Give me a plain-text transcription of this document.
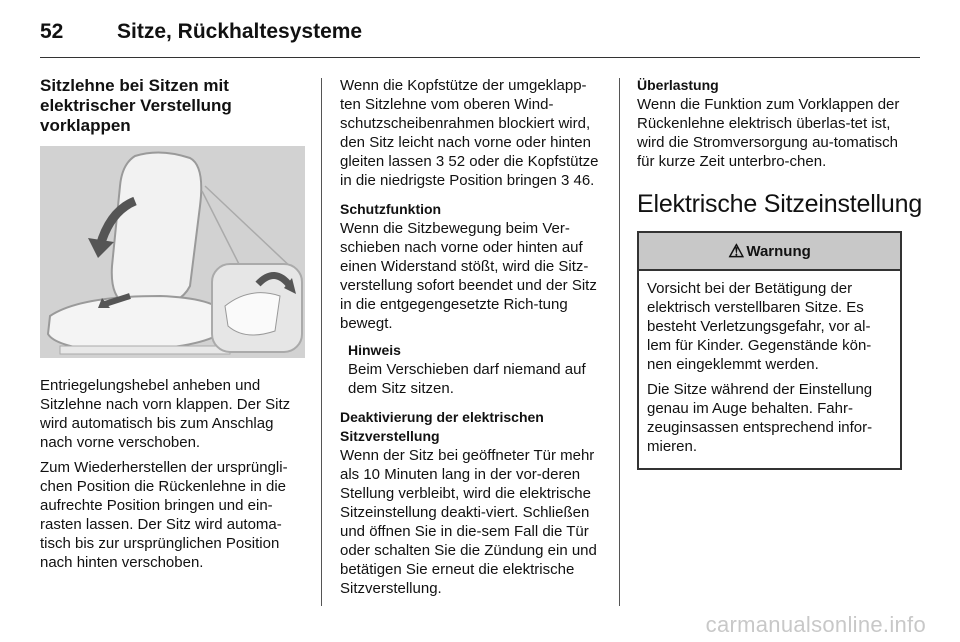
52	Sitze, Rückhaltesysteme
Sitzlehne bei Sitzen mit elektrischer Verstellung vorklappen

Entriegelungshebel anheben und Sitzlehne nach vorn klappen. Der Sitz wird automatisch bis zum Anschlag nach vorne verschoben.

Zum Wiederherstellen der ursprüngli-chen Position die Rückenlehne in die aufrechte Position bringen und ein-rasten lassen. Der Sitz wird automa-tisch bis zur ursprünglichen Position nach hinten verschoben.

Wenn die Kopfstütze der umgeklapp-ten Sitzlehne vom oberen Wind-schutzscheibenrahmen blockiert wird, den Sitz leicht nach vorne oder hinten gleiten lassen 3 52 oder die Kopfstütze in die niedrigste Position bringen 3 46.

Schutzfunktion

Wenn die Sitzbewegung beim Ver-schieben nach vorne oder hinten auf einen Widerstand stößt, wird die Sitz-verstellung sofort beendet und der Sitz in die entgegengesetzte Rich-tung bewegt.

Hinweis
Beim Verschieben darf niemand auf dem Sitz sitzen.
Deaktivierung der elektrischen Sitzverstellung

Wenn der Sitz bei geöffneter Tür mehr als 10 Minuten lang in der vor-deren Stellung verbleibt, wird die elektrische Sitzeinstellung deakti-viert. Schließen und öffnen Sie in die-sem Fall die Tür oder schalten Sie die Zündung ein und betätigen Sie erneut die elektrische Sitzverstellung.

Überlastung

Wenn die Funktion zum Vorklappen der Rückenlehne elektrisch überlas-tet ist, wird die Stromversorgung au-tomatisch für kurze Zeit unterbro-chen.

Elektrische Sitzeinstellung
⚠ Warnung

Vorsicht bei der Betätigung der elektrisch verstellbaren Sitze. Es besteht Verletzungsgefahr, vor al-lem für Kinder. Gegenstände kön-nen eingeklemmt werden.

Die Sitze während der Einstellung genau im Auge behalten. Fahr-zeuginsassen entsprechend infor-mieren.

carmanualsonline.info
